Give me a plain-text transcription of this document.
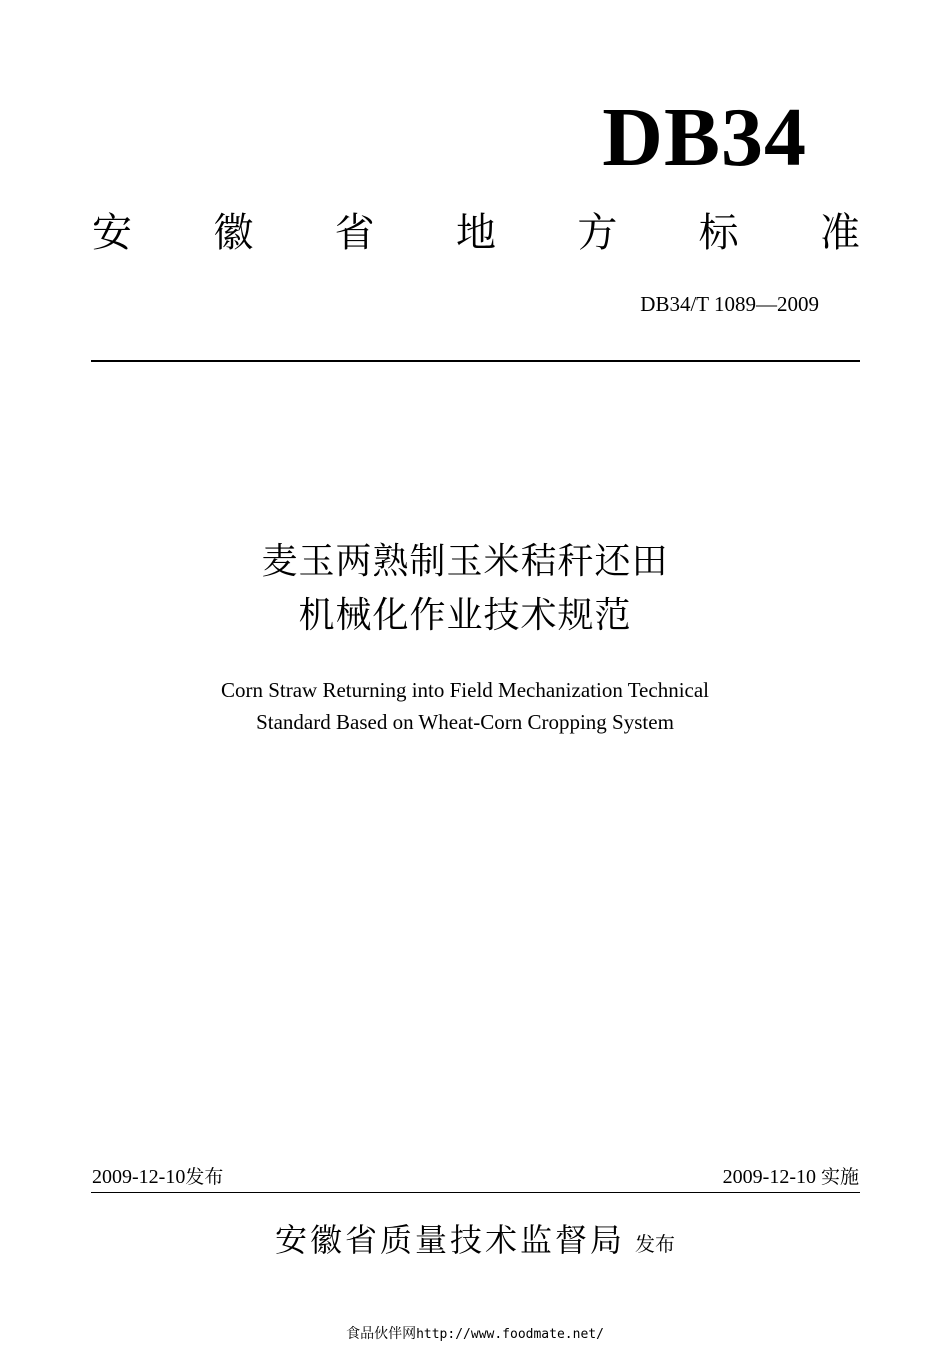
DB34
安 徽 省 地 方 标 准
DB34/T 1089—2009
麦玉两熟制玉米秸秆还田
机械化作业技术规范
Corn Straw Returning into Field Mechanization Technical
Standard Based on Wheat-Corn Cropping System
2009-12-10发布	2009-12-10 实施
安徽省质量技术监督局 发布
食品伙伴网http://www.foodmate.net/
